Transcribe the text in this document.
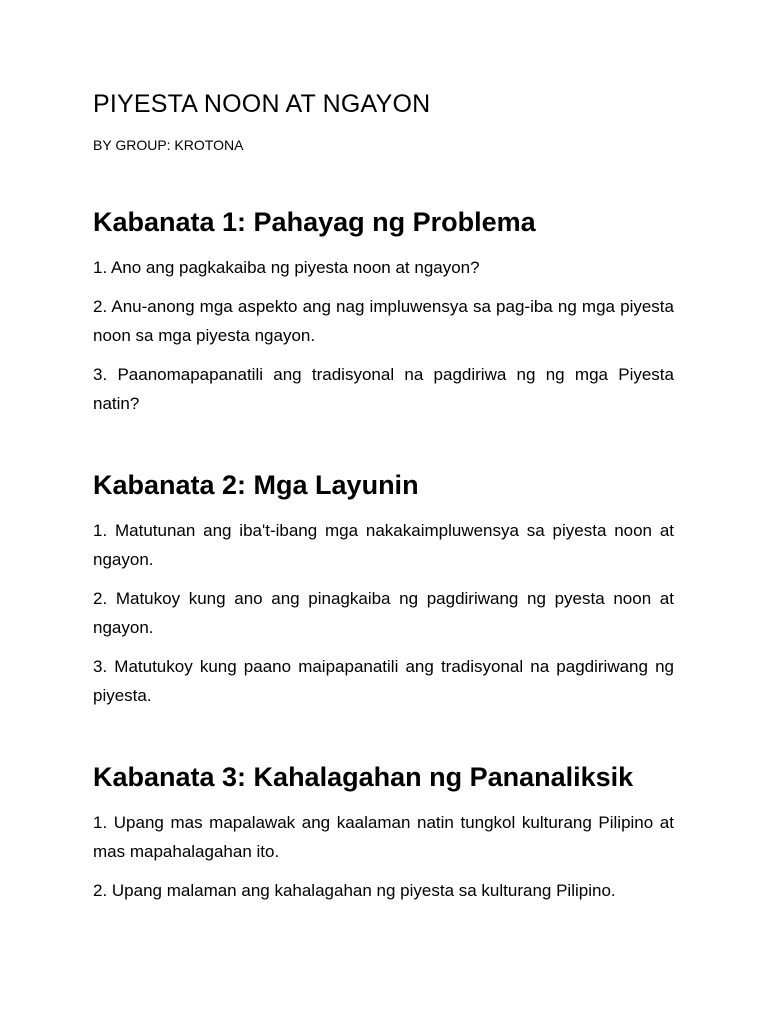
PIYESTA NOON AT NGAYON

BY GROUP: KROTONA

Kabanata 1: Pahayag ng Problema

1. Ano ang pagkakaiba ng piyesta noon at ngayon?

2. Anu-anong mga aspekto ang nag impluwensya sa pag-iba ng mga piyesta noon sa mga piyesta ngayon.

3. Paanomapapanatili ang tradisyonal na pagdiriwa ng ng mga Piyesta natin?

Kabanata 2: Mga Layunin

1. Matutunan ang iba't-ibang mga nakakaimpluwensya sa piyesta noon at ngayon.

2. Matukoy kung ano ang pinagkaiba ng pagdiriwang ng pyesta noon at ngayon.

3. Matutukoy kung paano maipapanatili ang tradisyonal na pagdiriwang ng piyesta.

Kabanata 3: Kahalagahan ng Pananaliksik

1. Upang mas mapalawak ang kaalaman natin tungkol kulturang Pilipino at mas mapahalagahan ito.

2. Upang malaman ang kahalagahan ng piyesta sa kulturang Pilipino.
